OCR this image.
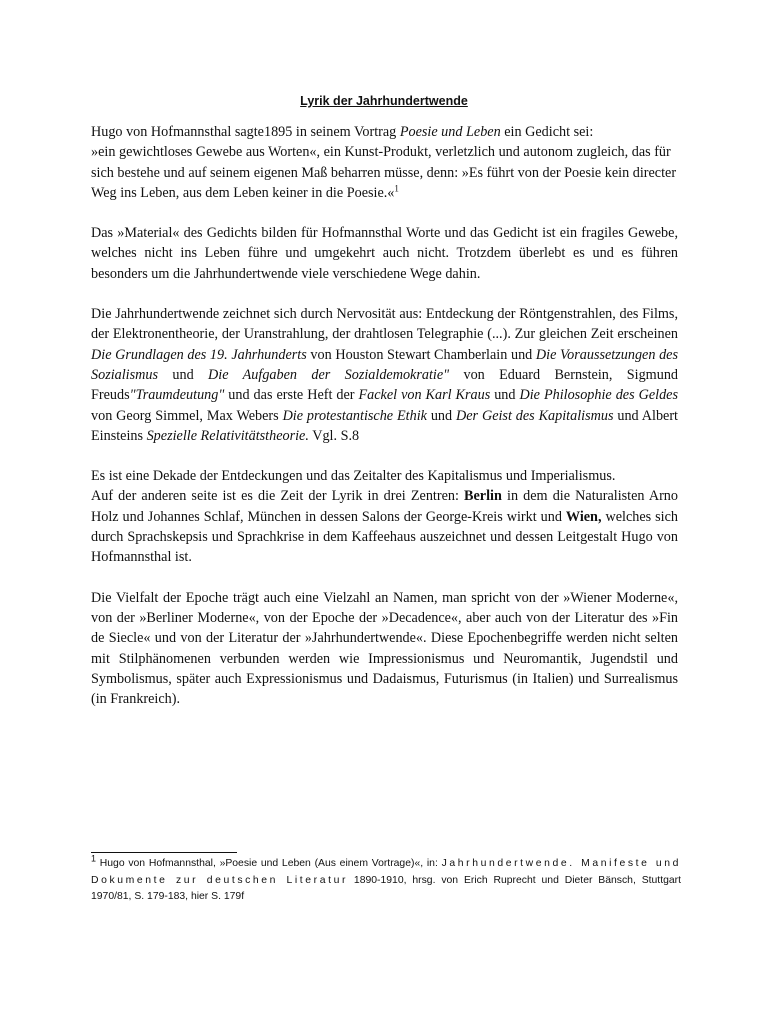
Lyrik der Jahrhundertwende

Hugo von Hofmannsthal sagte1895 in seinem Vortrag Poesie und Leben ein Gedicht sei:
»ein gewichtloses Gewebe aus Worten«, ein Kunst-Produkt, verletzlich und autonom zugleich, das für sich bestehe und auf seinem eigenen Maß beharren müsse, denn: »Es führt von der Poesie kein directer Weg ins Leben, aus dem Leben keiner in die Poesie.«$^1$

Das »Material« des Gedichts bilden für Hofmannsthal Worte und das Gedicht ist ein fragiles Gewebe, welches nicht ins Leben führe und umgekehrt auch nicht. Trotzdem überlebt es und es führen besonders um die Jahrhundertwende viele verschiedene Wege dahin.

Die Jahrhundertwende zeichnet sich durch Nervosität aus: Entdeckung der Röntgenstrahlen, des Films, der Elektronentheorie, der Uranstrahlung, der drahtlosen Telegraphie (...). Zur gleichen Zeit erscheinen Die Grundlagen des 19. Jahrhunderts von Houston Stewart Chamberlain und Die Voraussetzungen des Sozialismus und Die Aufgaben der Sozialdemokratie" von Eduard Bernstein, Sigmund Freuds"Traumdeutung" und das erste Heft der Fackel von Karl Kraus und Die Philosophie des Geldes von Georg Simmel, Max Webers Die protestantische Ethik und Der Geist des Kapitalismus und Albert Einsteins Spezielle Relativitätstheorie. Vgl. S.8

Es ist eine Dekade der Entdeckungen und das Zeitalter des Kapitalismus und Imperialismus.
Auf der anderen seite ist es die Zeit der Lyrik in drei Zentren: Berlin in dem die Naturalisten Arno Holz und Johannes Schlaf, München in dessen Salons der George-Kreis wirkt und Wien, welches sich durch Sprachskepsis und Sprachkrise in dem Kaffeehaus auszeichnet und dessen Leitgestalt Hugo von Hofmannsthal ist.

Die Vielfalt der Epoche trägt auch eine Vielzahl an Namen, man spricht von der »Wiener Moderne«, von der »Berliner Moderne«, von der Epoche der »Decadence«, aber auch von der Literatur des »Fin de Siecle« und von der Literatur der »Jahrhundertwende«. Diese Epochenbegriffe werden nicht selten mit Stilphänomenen verbunden werden wie Impressionismus und Neuromantik, Jugendstil und Symbolismus, später auch Expressionismus und Dadaismus, Futurismus (in Italien) und Surrealismus (in Frankreich).

$^1$ Hugo von Hofmannsthal, »Poesie und Leben (Aus einem Vortrage)«, in: Jahrhundertwende. Manifeste und Dokumente zur deutschen Literatur 1890-1910, hrsg. von Erich Ruprecht und Dieter Bänsch, Stuttgart 1970/81, S. 179-183, hier S. 179f
